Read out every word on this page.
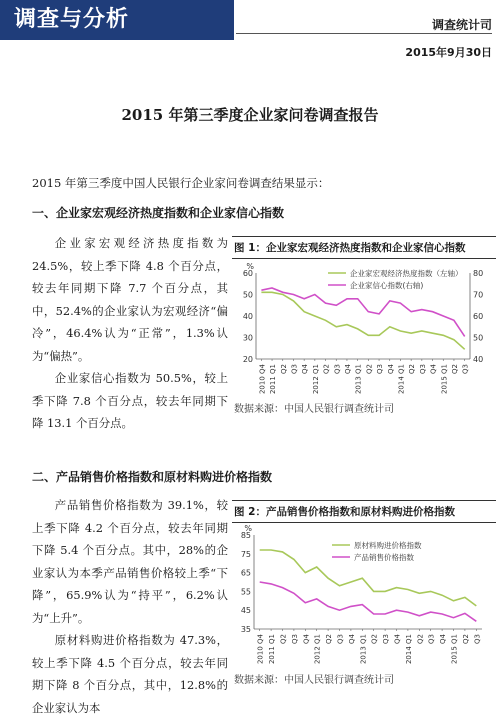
调查与分析	调查统计司
2015年9月30日
2015 年第三季度企业家问卷调查报告
2015 年第三季度中国人民银行企业家问卷调查结果显示：
一、企业家宏观经济热度指数和企业家信心指数

企业家宏观经济热度指数为 24.5%，较上季下降 4.8 个百分点，较去年同期下降 7.7 个百分点，其中，52.4%的企业家认为宏观经济“偏冷”，46.4%认为“正常”，1.3%认为“偏热”。

企业家信心指数为 50.5%，较上季下降 7.8 个百分点，较去年同期下降 13.1 个百分点。

图 1：企业家宏观经济热度指数和企业家信心指数
20
30
40
50
60
%
40
50
60
70
80
2010 Q4 2011 Q1 Q2 Q3 Q4 2012 Q1 Q2 Q3 Q4 2013 Q1 Q2 Q3 Q4 2014 Q1 Q2 Q3 Q4 2015 Q1 Q2 Q3
企业家宏观经济热度指数（左轴）
企业家信心指数(右轴)
数据来源：中国人民银行调查统计司
二、产品销售价格指数和原材料购进价格指数

产品销售价格指数为 39.1%，较上季下降 4.2 个百分点，较去年同期下降 5.4 个百分点。其中，28%的企业家认为本季产品销售价格较上季“下降”，65.9%认为“持平”，6.2%认为“上升”。

原材料购进价格指数为 47.3%，较上季下降 4.5 个百分点，较去年同期下降 8 个百分点，其中，12.8%的企业家认为本

图 2：产品销售价格指数和原材料购进价格指数
35
45
55
65
75
85
%
2010 Q4 2011 Q1 Q2 Q3 Q4 2012 Q1 Q2 Q3 Q4 2013 Q1 Q2 Q3 Q4 2014 Q1 Q2 Q3 Q4 2015 Q1 Q2 Q3
原材料购进价格指数
产品销售价格指数
数据来源：中国人民银行调查统计司
